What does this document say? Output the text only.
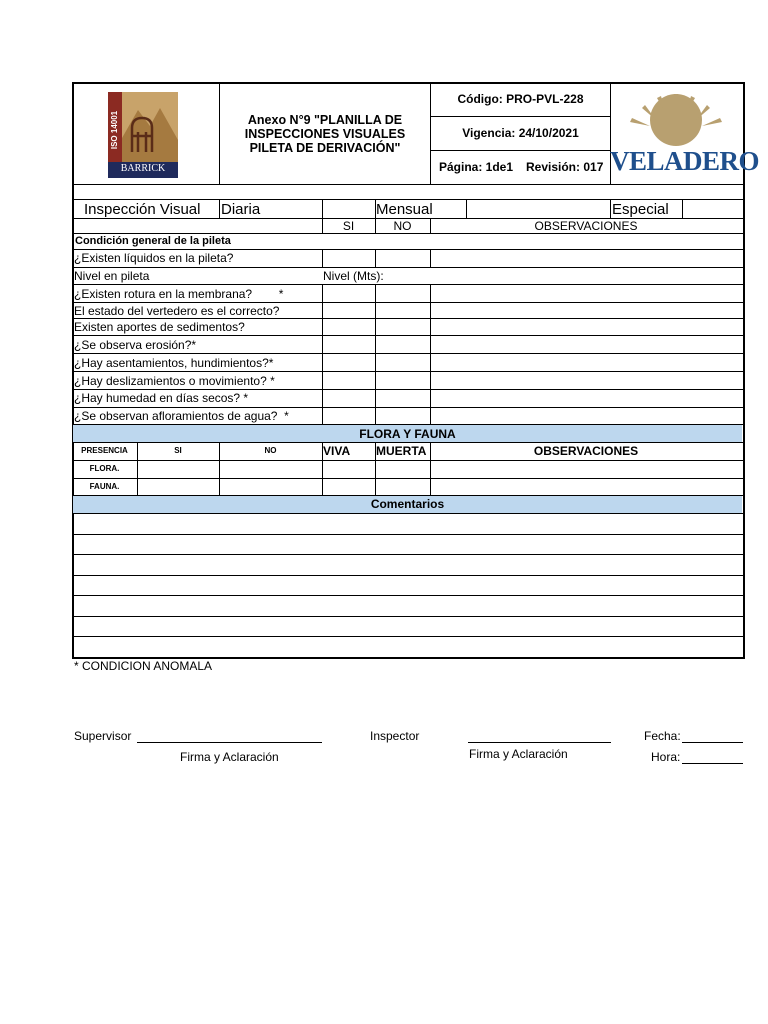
ISO 14001
BARRICK
Anexo N°9 "PLANILLA DE
INSPECCIONES VISUALES
PILETA DE DERIVACIÓN"
Código: PRO-PVL-228
Vigencia: 24/10/2021
Página: 1de1 Revisión: 017 VELADERO
Inspección Visual Diaria	Mensual	Especial
SI	NO	OBSERVACIONES
Condición general de la pileta
¿Existen líquidos en la pileta?
Nivel en pileta	Nivel (Mts):
¿Existen rotura en la membrana?        *
El estado del vertedero es el correcto?
Existen aportes de sedimentos?
¿Se observa erosión?*
¿Hay asentamientos, hundimientos?*
¿Hay deslizamientos o movimiento? *
¿Hay humedad en días secos? *
¿Se observan afloramientos de agua?  *
FLORA Y FAUNA
PRESENCIA	SI	NO	VIVA MUERTA	OBSERVACIONES
FLORA.
FAUNA.
Comentarios
* CONDICION ANOMALA
Supervisor
Firma y Aclaración
Inspector
Firma y Aclaración
Fecha:
Hora:
